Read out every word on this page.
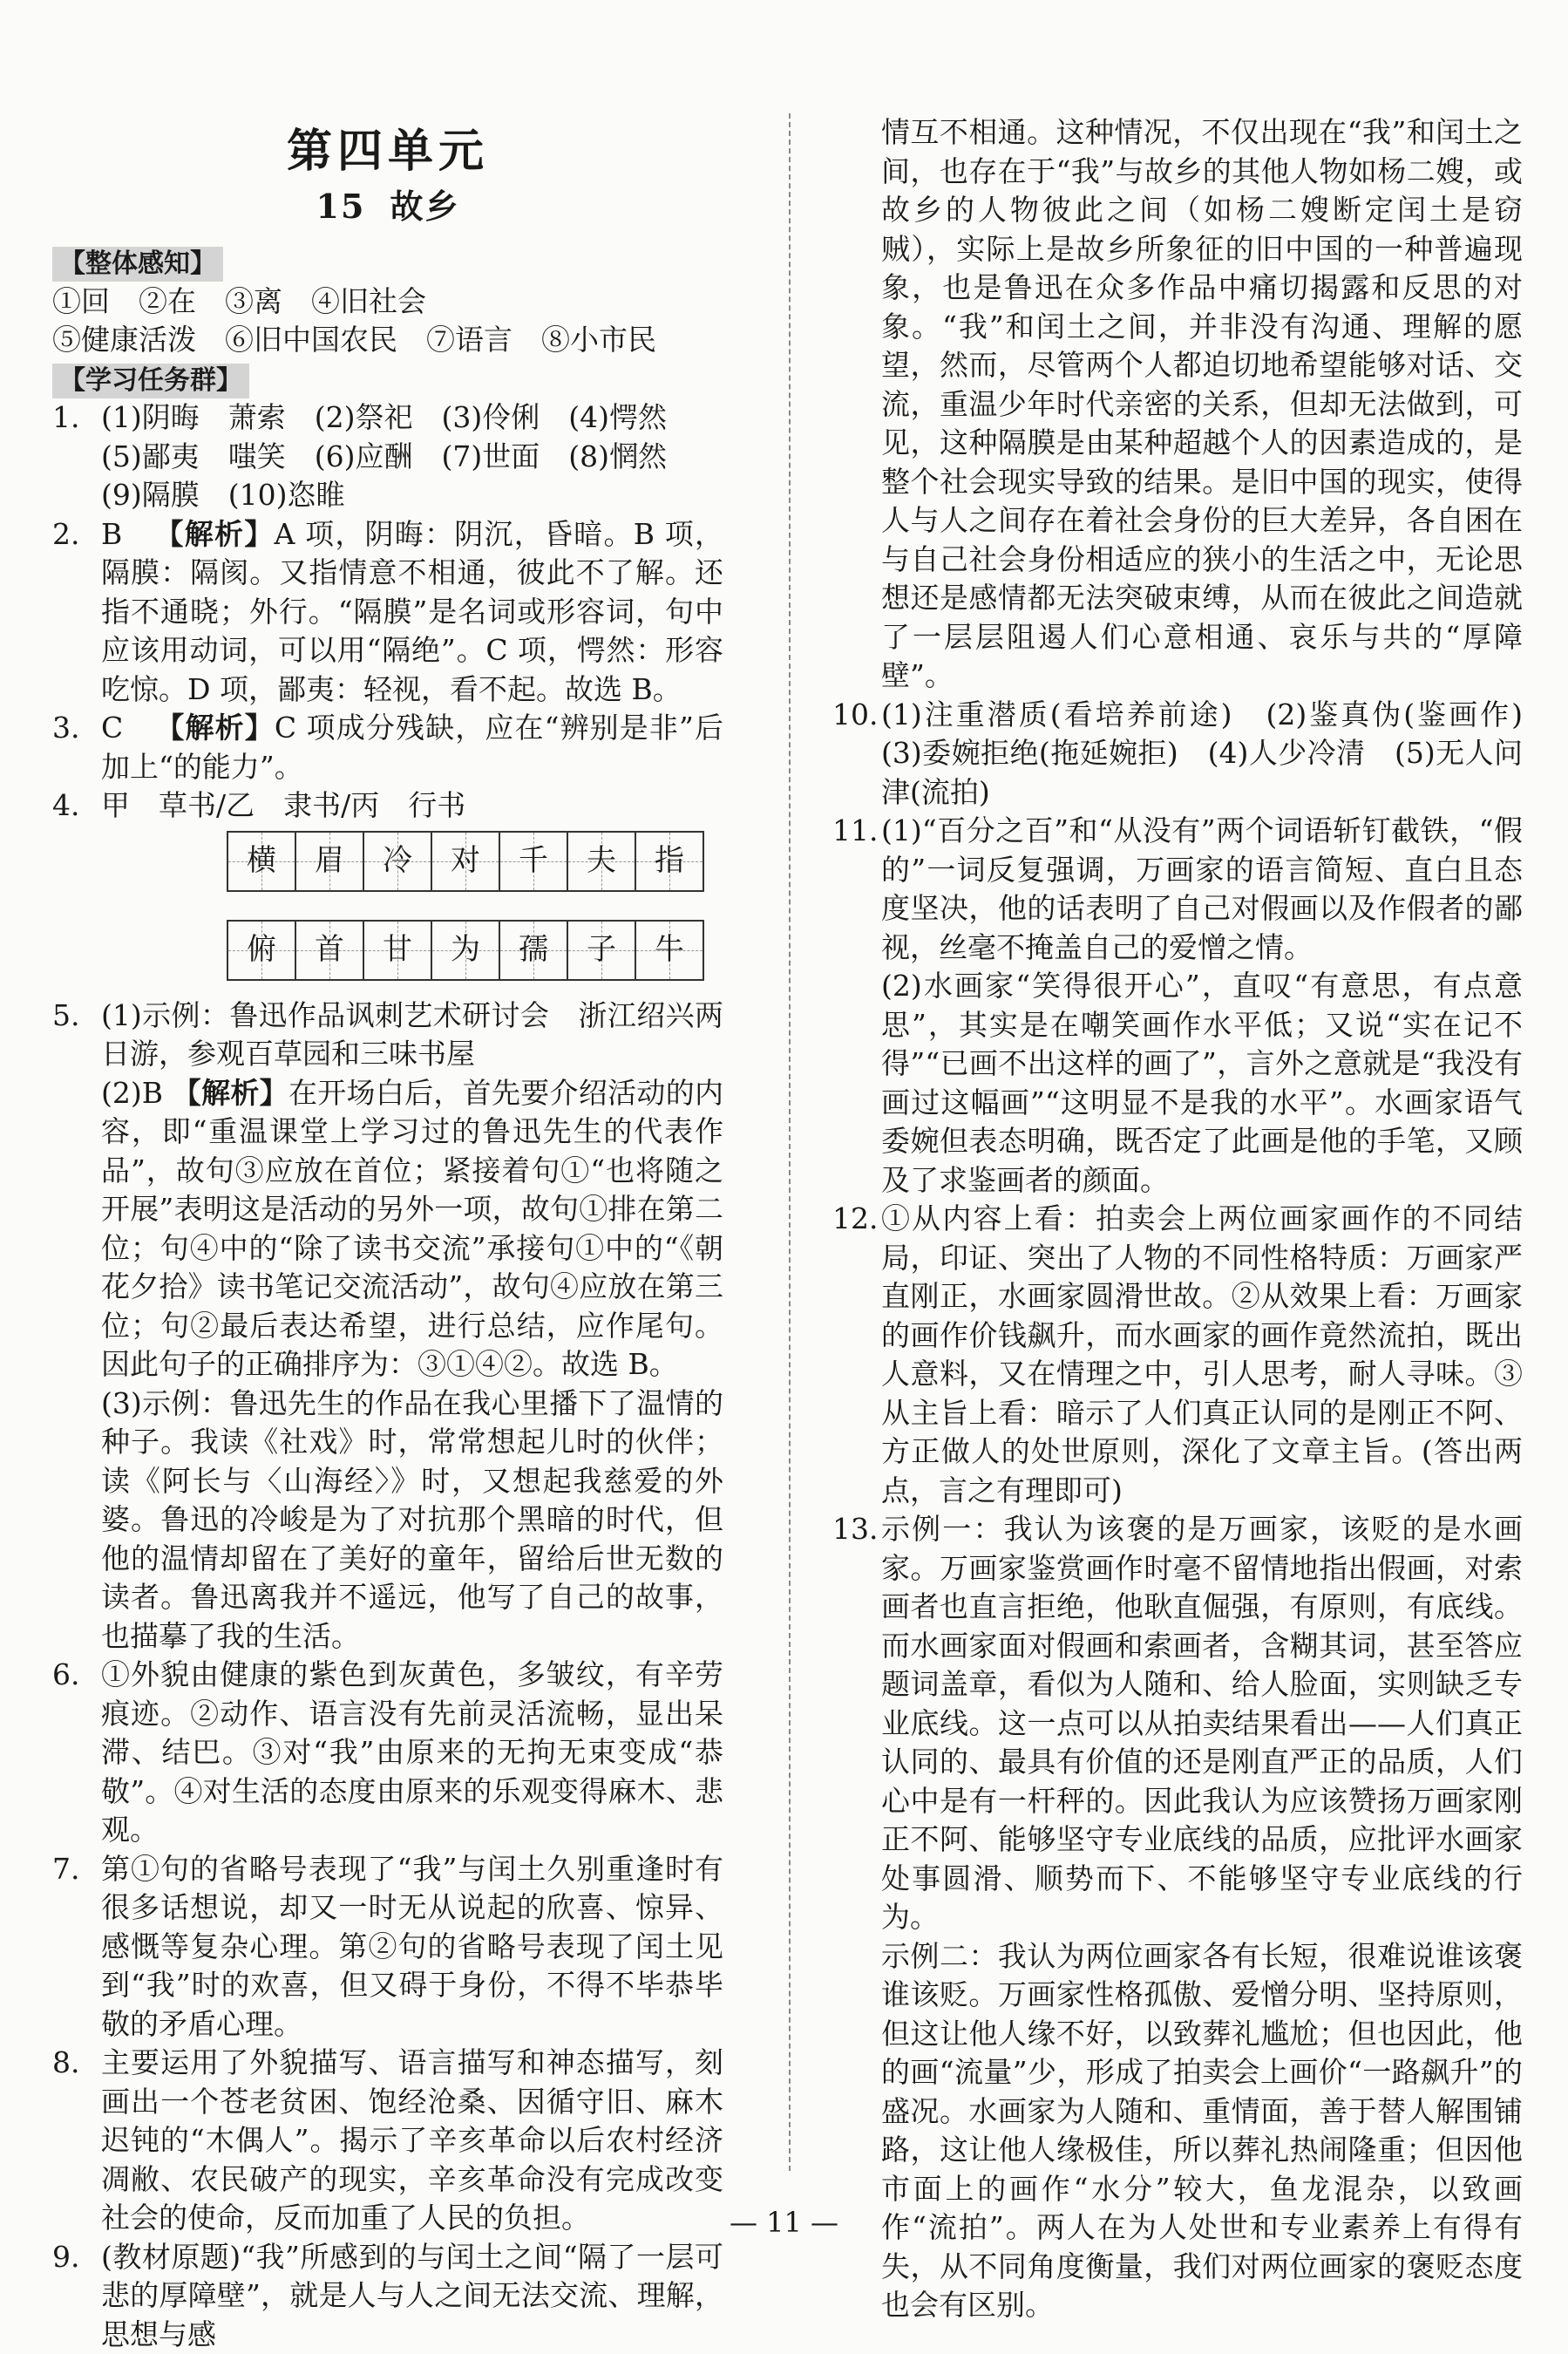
第四单元
15 故乡
【整体感知】

①回　②在　③离　④旧社会

⑤健康活泼　⑥旧中国农民　⑦语言　⑧小市民

【学习任务群】
1. (1)阴晦　萧索　(2)祭祀　(3)伶俐　(4)愕然

(5)鄙夷　嗤笑　(6)应酬　(7)世面　(8)惘然

(9)隔膜　(10)恣睢

2. B 【解析】A 项，阴晦：阴沉，昏暗。B 项，隔膜：隔阂。又指情意不相通，彼此不了解。还指不通晓；外行。“隔膜”是名词或形容词，句中应该用动词，可以用“隔绝”。C 项，愕然：形容吃惊。D 项，鄙夷：轻视，看不起。故选 B。

3. C 【解析】C 项成分残缺，应在“辨别是非”后加上“的能力”。

4. 甲　草书/乙　隶书/丙　行书

横 眉 冷 对 千 夫 指
俯 首 甘 为 孺 子 牛
5. (1)示例：鲁迅作品讽刺艺术研讨会　浙江绍兴两日游，参观百草园和三味书屋

(2)B 【解析】在开场白后，首先要介绍活动的内容，即“重温课堂上学习过的鲁迅先生的代表作品”，故句③应放在首位；紧接着句①“也将随之开展”表明这是活动的另外一项，故句①排在第二位；句④中的“除了读书交流”承接句①中的“《朝花夕拾》读书笔记交流活动”，故句④应放在第三位；句②最后表达希望，进行总结，应作尾句。因此句子的正确排序为：③①④②。故选 B。

(3)示例：鲁迅先生的作品在我心里播下了温情的种子。我读《社戏》时，常常想起儿时的伙伴；读《阿长与〈山海经〉》时，又想起我慈爱的外婆。鲁迅的冷峻是为了对抗那个黑暗的时代，但他的温情却留在了美好的童年，留给后世无数的读者。鲁迅离我并不遥远，他写了自己的故事，也描摹了我的生活。

6. ①外貌由健康的紫色到灰黄色，多皱纹，有辛劳痕迹。②动作、语言没有先前灵活流畅，显出呆滞、结巴。③对“我”由原来的无拘无束变成“恭敬”。④对生活的态度由原来的乐观变得麻木、悲观。

7. 第①句的省略号表现了“我”与闰土久别重逢时有很多话想说，却又一时无从说起的欣喜、惊异、感慨等复杂心理。第②句的省略号表现了闰土见到“我”时的欢喜，但又碍于身份，不得不毕恭毕敬的矛盾心理。

8. 主要运用了外貌描写、语言描写和神态描写，刻画出一个苍老贫困、饱经沧桑、因循守旧、麻木迟钝的“木偶人”。揭示了辛亥革命以后农村经济凋敝、农民破产的现实，辛亥革命没有完成改变社会的使命，反而加重了人民的负担。

9. (教材原题)“我”所感到的与闰土之间“隔了一层可悲的厚障壁”，就是人与人之间无法交流、理解，思想与感

情互不相通。这种情况，不仅出现在“我”和闰土之间，也存在于“我”与故乡的其他人物如杨二嫂，或故乡的人物彼此之间（如杨二嫂断定闰土是窃贼），实际上是故乡所象征的旧中国的一种普遍现象，也是鲁迅在众多作品中痛切揭露和反思的对象。“我”和闰土之间，并非没有沟通、理解的愿望，然而，尽管两个人都迫切地希望能够对话、交流，重温少年时代亲密的关系，但却无法做到，可见，这种隔膜是由某种超越个人的因素造成的，是整个社会现实导致的结果。是旧中国的现实，使得人与人之间存在着社会身份的巨大差异，各自困在与自己社会身份相适应的狭小的生活之中，无论思想还是感情都无法突破束缚，从而在彼此之间造就了一层层阻遏人们心意相通、哀乐与共的“厚障壁”。

10. (1)注重潜质(看培养前途)　(2)鉴真伪(鉴画作)　(3)委婉拒绝(拖延婉拒)　(4)人少冷清　(5)无人问津(流拍)

11. (1)“百分之百”和“从没有”两个词语斩钉截铁，“假的”一词反复强调，万画家的语言简短、直白且态度坚决，他的话表明了自己对假画以及作假者的鄙视，丝毫不掩盖自己的爱憎之情。

(2)水画家“笑得很开心”，直叹“有意思，有点意思”，其实是在嘲笑画作水平低；又说“实在记不得”“已画不出这样的画了”，言外之意就是“我没有画过这幅画”“这明显不是我的水平”。水画家语气委婉但表态明确，既否定了此画是他的手笔，又顾及了求鉴画者的颜面。

12. ①从内容上看：拍卖会上两位画家画作的不同结局，印证、突出了人物的不同性格特质：万画家严直刚正，水画家圆滑世故。②从效果上看：万画家的画作价钱飙升，而水画家的画作竟然流拍，既出人意料，又在情理之中，引人思考，耐人寻味。③从主旨上看：暗示了人们真正认同的是刚正不阿、方正做人的处世原则，深化了文章主旨。(答出两点，言之有理即可)

13. 示例一：我认为该褒的是万画家，该贬的是水画家。万画家鉴赏画作时毫不留情地指出假画，对索画者也直言拒绝，他耿直倔强，有原则，有底线。而水画家面对假画和索画者，含糊其词，甚至答应题词盖章，看似为人随和、给人脸面，实则缺乏专业底线。这一点可以从拍卖结果看出——人们真正认同的、最具有价值的还是刚直严正的品质，人们心中是有一杆秤的。因此我认为应该赞扬万画家刚正不阿、能够坚守专业底线的品质，应批评水画家处事圆滑、顺势而下、不能够坚守专业底线的行为。

示例二：我认为两位画家各有长短，很难说谁该褒谁该贬。万画家性格孤傲、爱憎分明、坚持原则，但这让他人缘不好，以致葬礼尴尬；但也因此，他的画“流量”少，形成了拍卖会上画价“一路飙升”的盛况。水画家为人随和、重情面，善于替人解围铺路，这让他人缘极佳，所以葬礼热闹隆重；但因他市面上的画作“水分”较大，鱼龙混杂，以致画作“流拍”。两人在为人处世和专业素养上有得有失，从不同角度衡量，我们对两位画家的褒贬态度也会有区别。

— 11 —
